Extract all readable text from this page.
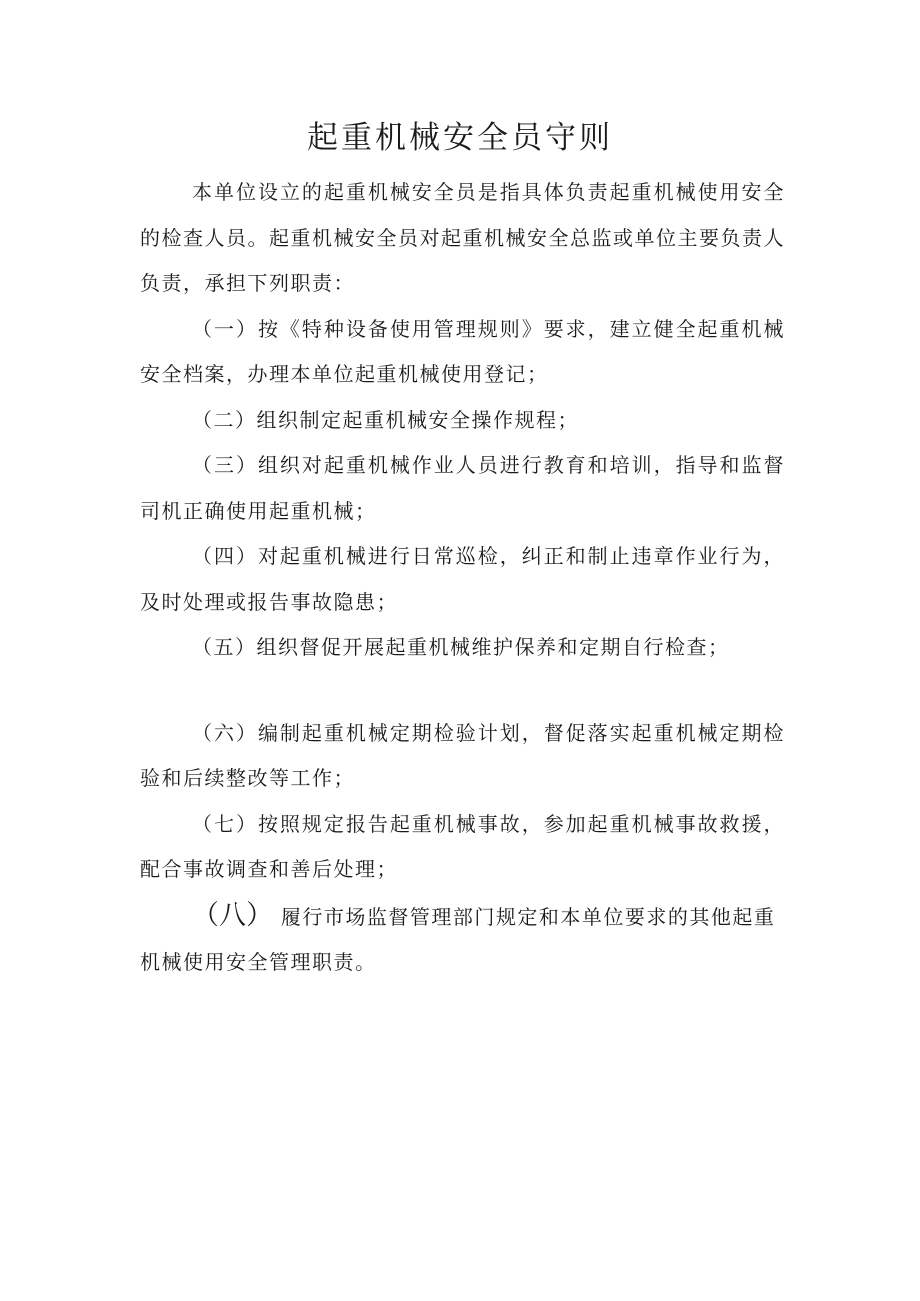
起重机械安全员守则

本单位设立的起重机械安全员是指具体负责起重机械使用安全的检查人员。起重机械安全员对起重机械安全总监或单位主要负责人负责，承担下列职责：

（一）按《特种设备使用管理规则》要求，建立健全起重机械安全档案，办理本单位起重机械使用登记；

（二）组织制定起重机械安全操作规程；

（三）组织对起重机械作业人员进行教育和培训，指导和监督司机正确使用起重机械；

（四）对起重机械进行日常巡检，纠正和制止违章作业行为，及时处理或报告事故隐患；

（五）组织督促开展起重机械维护保养和定期自行检查；

（六）编制起重机械定期检验计划，督促落实起重机械定期检验和后续整改等工作；

（七）按照规定报告起重机械事故，参加起重机械事故救援，配合事故调查和善后处理；

（八） 履行市场监督管理部门规定和本单位要求的其他起重机械使用安全管理职责。
